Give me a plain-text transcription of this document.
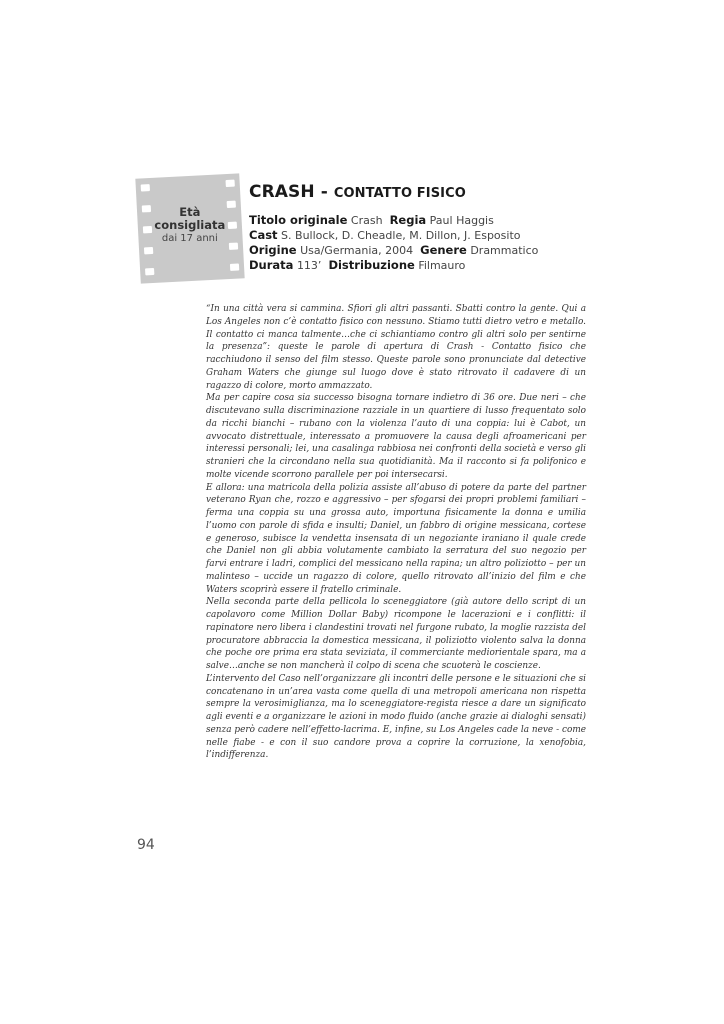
Età
consigliata
dai 17 anni
CRASH - CONTATTO FISICO
Titolo originale Crash Regia Paul Haggis
Cast S. Bullock, D. Cheadle, M. Dillon, J. Esposito
Origine Usa/Germania, 2004 Genere Drammatico
Durata 113’ Distribuzione Filmauro

“In una città vera si cammina. Sfiori gli altri passanti. Sbatti contro la gente. Qui a Los Angeles non c’è contatto fisico con nessuno. Stiamo tutti dietro vetro e metallo. Il contatto ci manca talmente…che ci schiantiamo contro gli altri solo per sentirne la presenza”: queste le parole di apertura di Crash - Contatto fisico che racchiudono il senso del film stesso. Queste parole sono pronunciate dal detective Graham Waters che giunge sul luogo dove è stato ritrovato il cadavere di un ragazzo di colore, morto ammazzato.

Ma per capire cosa sia successo bisogna tornare indietro di 36 ore. Due neri – che discutevano sulla discriminazione razziale in un quartiere di lusso frequentato solo da ricchi bianchi – rubano con la violenza l’auto di una coppia: lui è Cabot, un avvocato distrettuale, interessato a promuovere la causa degli afroamericani per interessi personali; lei, una casalinga rabbiosa nei confronti della società e verso gli stranieri che la circondano nella sua quotidianità. Ma il racconto si fa polifonico e molte vicende scorrono parallele per poi intersecarsi.

E allora: una matricola della polizia assiste all’abuso di potere da parte del partner veterano Ryan che, rozzo e aggressivo – per sfogarsi dei propri problemi familiari – ferma una coppia su una grossa auto, importuna fisicamente la donna e umilia l’uomo con parole di sfida e insulti; Daniel, un fabbro di origine messicana, cortese e generoso, subisce la vendetta insensata di un negoziante iraniano il quale crede che Daniel non gli abbia volutamente cambiato la serratura del suo negozio per farvi entrare i ladri, complici del messicano nella rapina; un altro poliziotto – per un malinteso – uccide un ragazzo di colore, quello ritrovato all’inizio del film e che Waters scoprirà essere il fratello criminale.

Nella seconda parte della pellicola lo sceneggiatore (già autore dello script di un capolavoro come Million Dollar Baby) ricompone le lacerazioni e i conflitti: il rapinatore nero libera i clandestini trovati nel furgone rubato, la moglie razzista del procuratore abbraccia la domestica messicana, il poliziotto violento salva la donna che poche ore prima era stata seviziata, il commerciante mediorientale spara, ma a salve…anche se non mancherà il colpo di scena che scuoterà le coscienze.

L’intervento del Caso nell’organizzare gli incontri delle persone e le situazioni che si concatenano in un’area vasta come quella di una metropoli americana non rispetta sempre la verosimiglianza, ma lo sceneggiatore-regista riesce a dare un significato agli eventi e a organizzare le azioni in modo fluido (anche grazie ai dialoghi sensati) senza però cadere nell’effetto-lacrima. E, infine, su Los Angeles cade la neve - come nelle fiabe - e con il suo candore prova a coprire la corruzione, la xenofobia, l’indifferenza.

94
